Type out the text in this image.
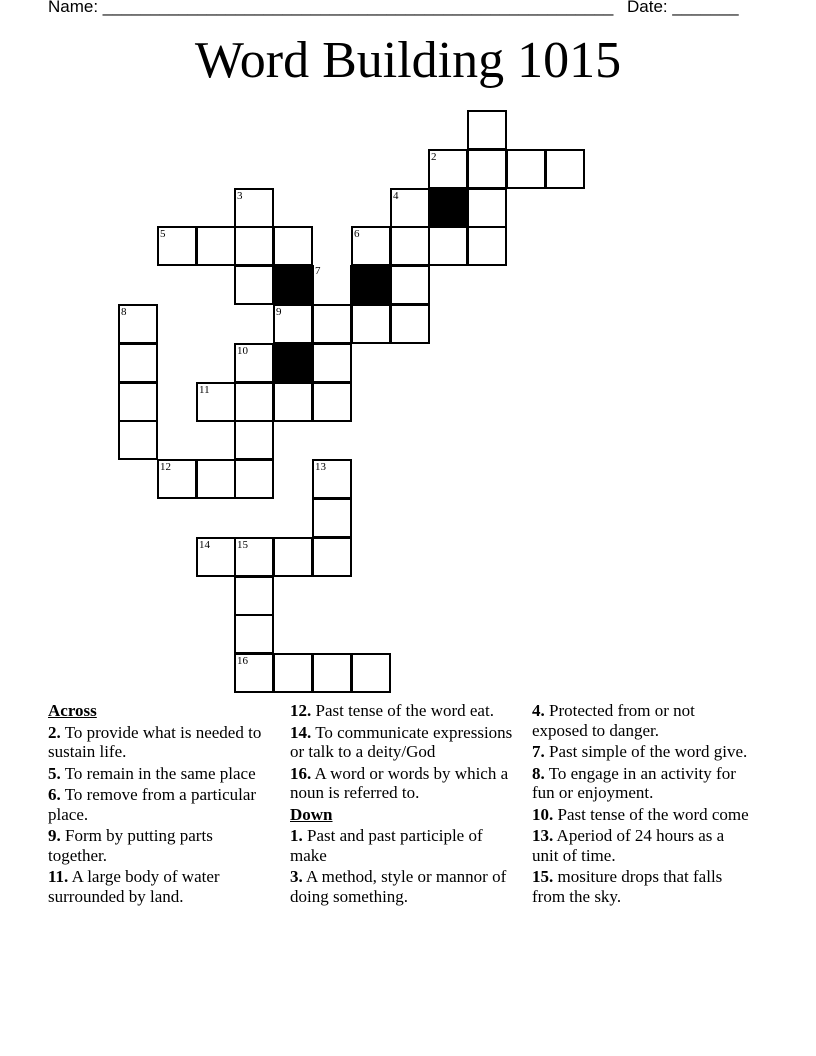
Name: ______________________________________________________ Date: _______
Word Building 1015
2
3	4
5	6
7
8	9
10
11
12	13
14 15
16
Across
2. To provide what is needed to sustain life.
5. To remain in the same place
6. To remove from a particular place.
9. Form by putting parts together.
11. A large body of water surrounded by land.
12. Past tense of the word eat.
14. To communicate expressions or talk to a deity/God
16. A word or words by which a noun is referred to.
Down
1. Past and past participle of make
3. A method, style or mannor of doing something.
4. Protected from or not exposed to danger.
7. Past simple of the word give.
8. To engage in an activity for fun or enjoyment.
10. Past tense of the word come
13. Aperiod of 24 hours as a unit of time.
15. mositure drops that falls from the sky.
